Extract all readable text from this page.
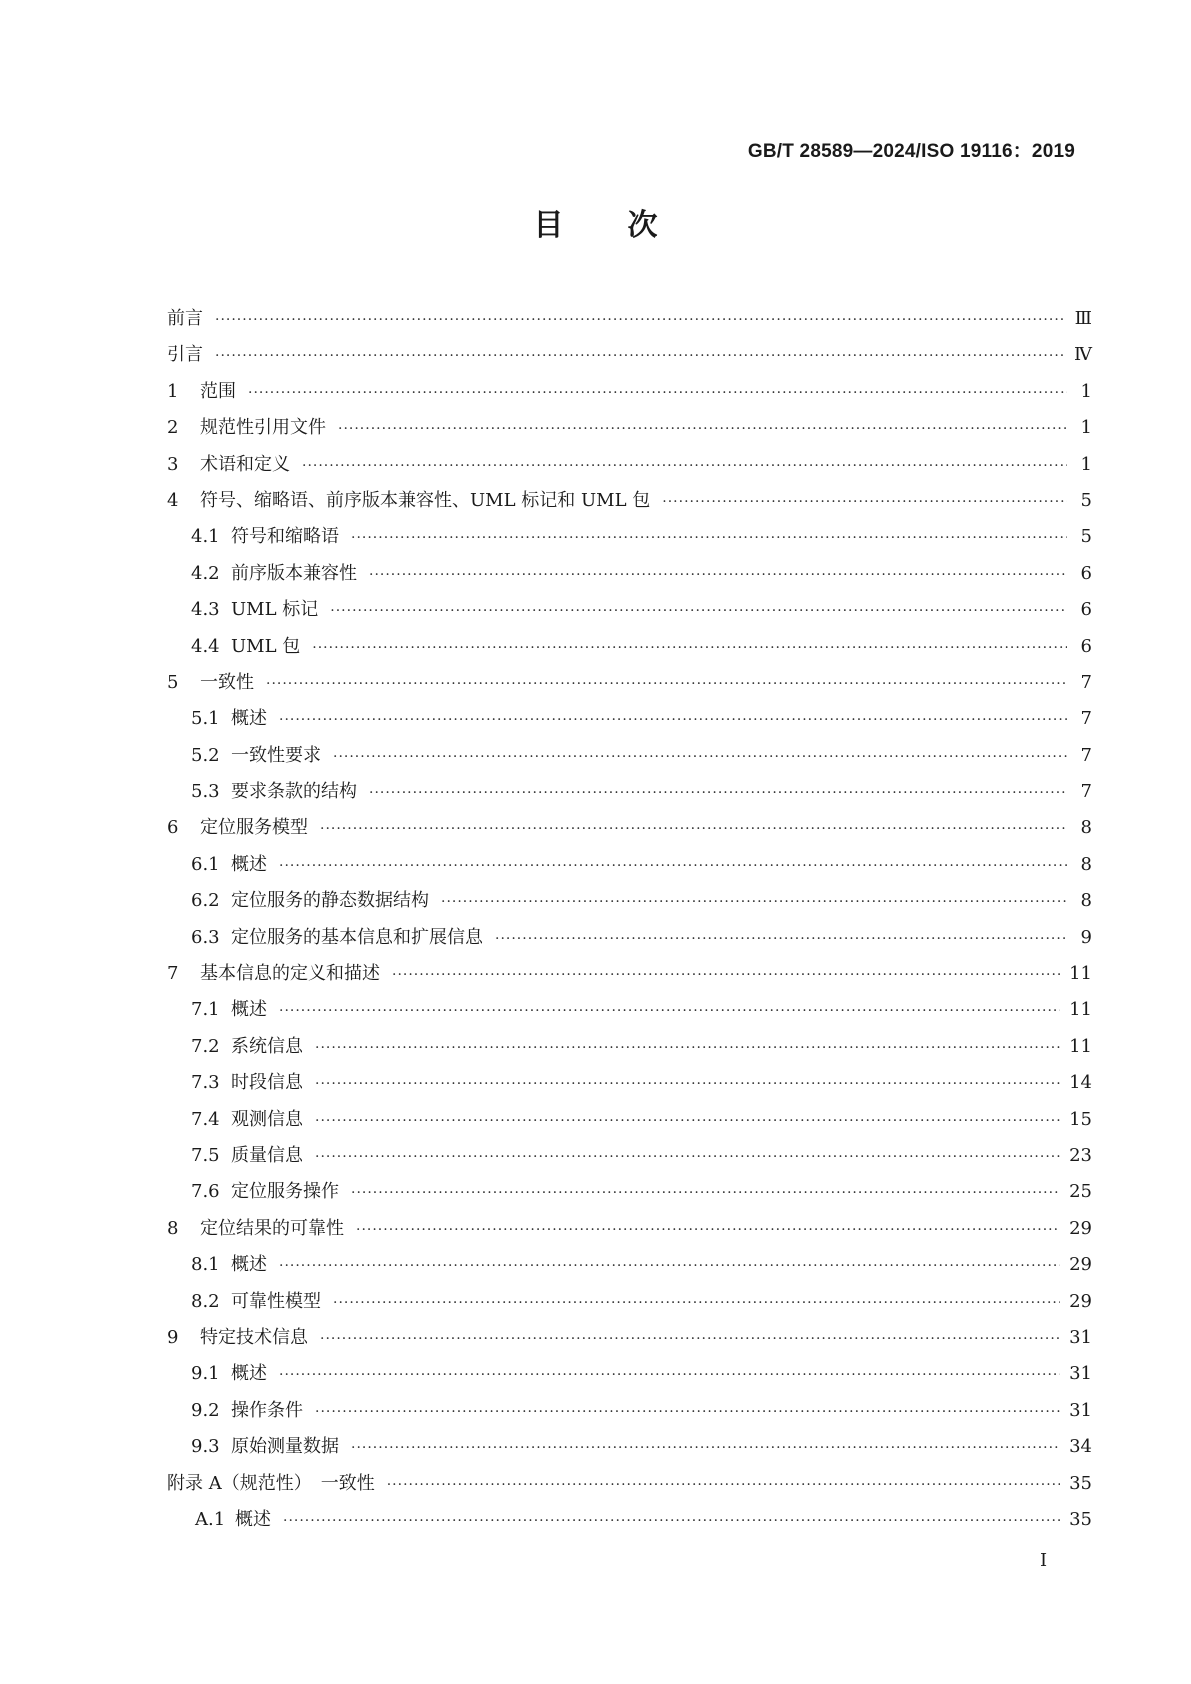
GB/T 28589—2024/ISO 19116：2019
目 次
前言 ·····	Ⅲ
引言 ·····	Ⅳ
1	范围 ·····	1
2	规范性引用文件 ·····	1
3	术语和定义 ·····	1
4	符号、缩略语、前序版本兼容性、UML 标记和 UML 包 ·····	5
4.1 符号和缩略语 ·····	5
4.2 前序版本兼容性 ·····	6
4.3 UML 标记 ·····	6
4.4 UML 包 ·····	6
5	一致性 ·····	7
5.1 概述 ·····	7
5.2 一致性要求 ·····	7
5.3 要求条款的结构 ·····	7
6	定位服务模型 ·····	8
6.1 概述 ·····	8
6.2 定位服务的静态数据结构 ·····	8
6.3 定位服务的基本信息和扩展信息 ·····	9
7	基本信息的定义和描述 ·····	11
7.1 概述 ·····	11
7.2 系统信息 ·····	11
7.3 时段信息 ·····	14
7.4 观测信息 ·····	15
7.5 质量信息 ·····	23
7.6 定位服务操作 ·····	25
8	定位结果的可靠性 ·····	29
8.1 概述 ·····	29
8.2 可靠性模型 ·····	29
9	特定技术信息 ·····	31
9.1 概述 ·····	31
9.2 操作条件 ·····	31
9.3 原始测量数据 ·····	34
附录 A（规范性）　一致性 ·····	35
A.1 概述 ·····	35
I
